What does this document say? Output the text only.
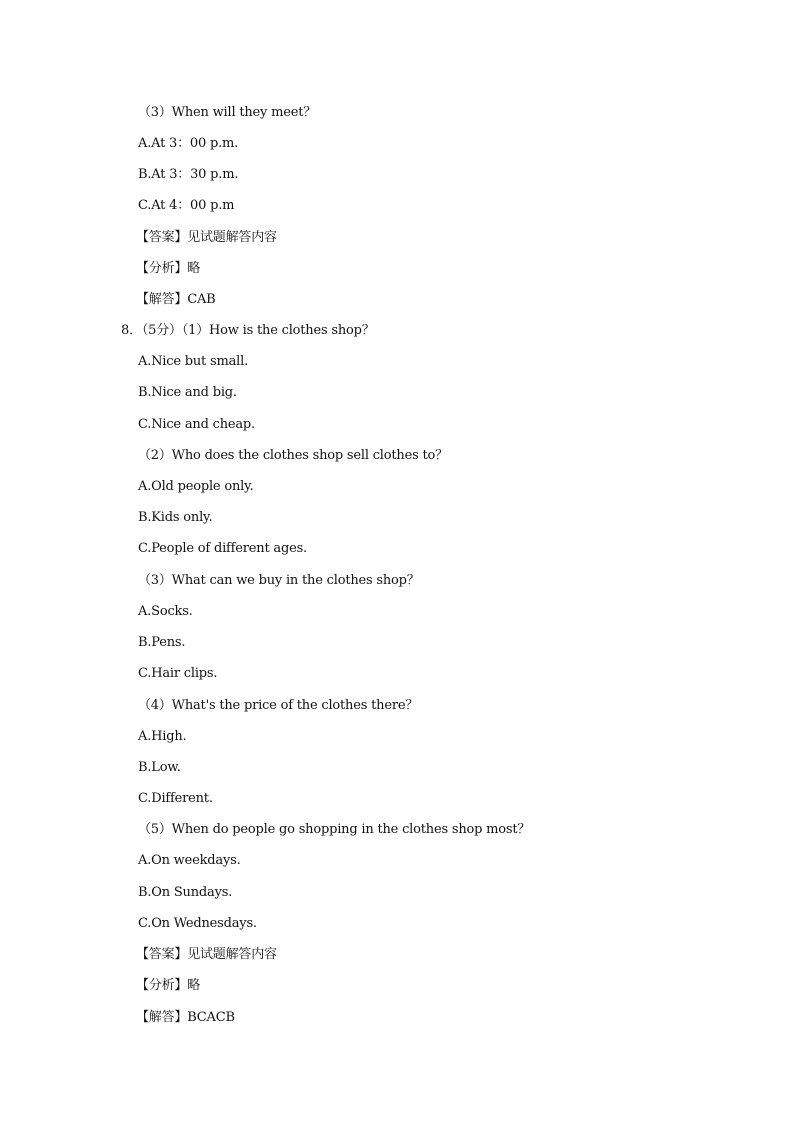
（3）When will they meet？
A.At 3：00 p.m.
B.At 3：30 p.m.
C.At 4：00 p.m
【答案】见试题解答内容
【分析】略
【解答】CAB
8．（5分）（1）How is the clothes shop？
A.Nice but small.
B.Nice and big.
C.Nice and cheap.
（2）Who does the clothes shop sell clothes to？
A.Old people only.
B.Kids only.
C.People of different ages.
（3）What can we buy in the clothes shop？
A.Socks.
B.Pens.
C.Hair clips.
（4）What's the price of the clothes there？
A.High.
B.Low.
C.Different.
（5）When do people go shopping in the clothes shop most？
A.On weekdays.
B.On Sundays.
C.On Wednesdays.
【答案】见试题解答内容
【分析】略
【解答】BCACB
